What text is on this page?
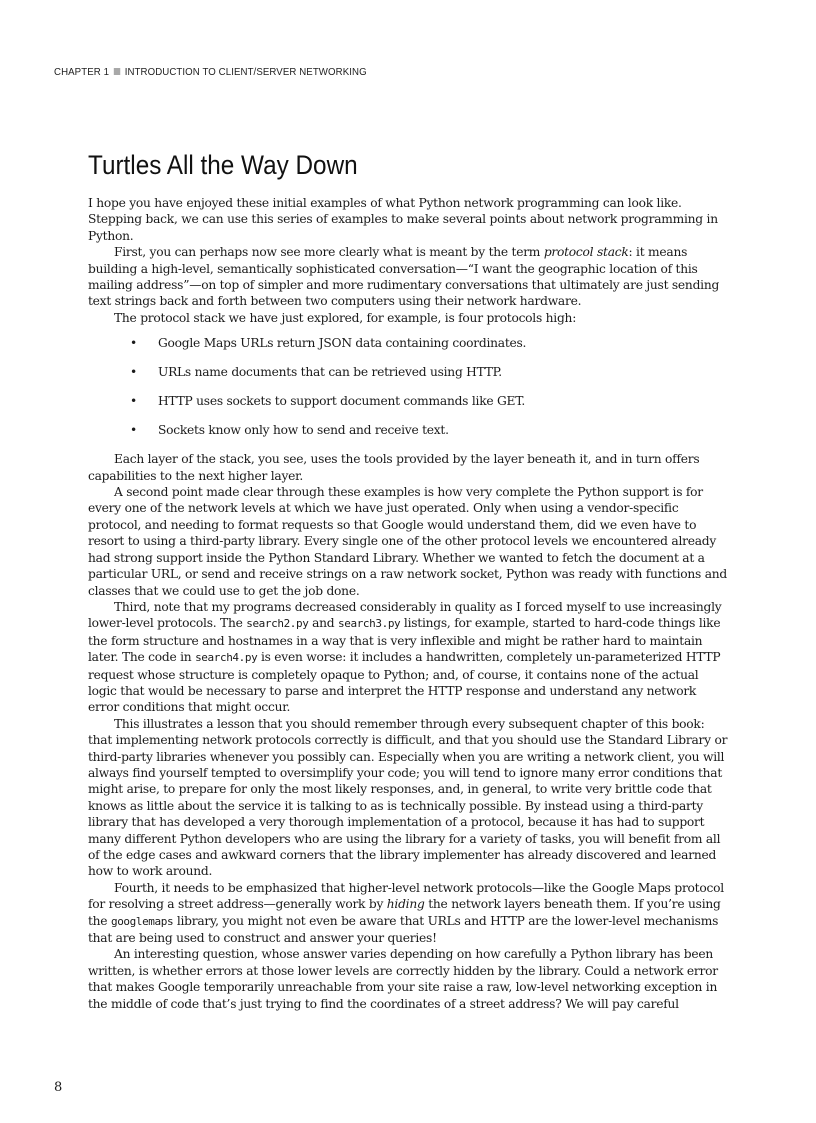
CHAPTER 1 INTRODUCTION TO CLIENT/SERVER NETWORKING
Turtles All the Way Down

I hope you have enjoyed these initial examples of what Python network programming can look like. Stepping back, we can use this series of examples to make several points about network programming in Python.

First, you can perhaps now see more clearly what is meant by the term protocol stack: it means building a high-level, semantically sophisticated conversation—“I want the geographic location of this mailing address”—on top of simpler and more rudimentary conversations that ultimately are just sending text strings back and forth between two computers using their network hardware.

The protocol stack we have just explored, for example, is four protocols high:

• Google Maps URLs return JSON data containing coordinates.
• URLs name documents that can be retrieved using HTTP.
• HTTP uses sockets to support document commands like GET.
• Sockets know only how to send and receive text.

Each layer of the stack, you see, uses the tools provided by the layer beneath it, and in turn offers capabilities to the next higher layer.

A second point made clear through these examples is how very complete the Python support is for every one of the network levels at which we have just operated. Only when using a vendor-specific protocol, and needing to format requests so that Google would understand them, did we even have to resort to using a third-party library. Every single one of the other protocol levels we encountered already had strong support inside the Python Standard Library. Whether we wanted to fetch the document at a particular URL, or send and receive strings on a raw network socket, Python was ready with functions and classes that we could use to get the job done.

Third, note that my programs decreased considerably in quality as I forced myself to use increasingly lower-level protocols. The search2.py and search3.py listings, for example, started to hard-code things like the form structure and hostnames in a way that is very inflexible and might be rather hard to maintain later. The code in search4.py is even worse: it includes a handwritten, completely un-parameterized HTTP request whose structure is completely opaque to Python; and, of course, it contains none of the actual logic that would be necessary to parse and interpret the HTTP response and understand any network error conditions that might occur.

This illustrates a lesson that you should remember through every subsequent chapter of this book: that implementing network protocols correctly is difficult, and that you should use the Standard Library or third-party libraries whenever you possibly can. Especially when you are writing a network client, you will always find yourself tempted to oversimplify your code; you will tend to ignore many error conditions that might arise, to prepare for only the most likely responses, and, in general, to write very brittle code that knows as little about the service it is talking to as is technically possible. By instead using a third-party library that has developed a very thorough implementation of a protocol, because it has had to support many different Python developers who are using the library for a variety of tasks, you will benefit from all of the edge cases and awkward corners that the library implementer has already discovered and learned how to work around.

Fourth, it needs to be emphasized that higher-level network protocols—like the Google Maps protocol for resolving a street address—generally work by hiding the network layers beneath them. If you’re using the googlemaps library, you might not even be aware that URLs and HTTP are the lower-level mechanisms that are being used to construct and answer your queries!

An interesting question, whose answer varies depending on how carefully a Python library has been written, is whether errors at those lower levels are correctly hidden by the library. Could a network error that makes Google temporarily unreachable from your site raise a raw, low-level networking exception in the middle of code that’s just trying to find the coordinates of a street address? We will pay careful

8
